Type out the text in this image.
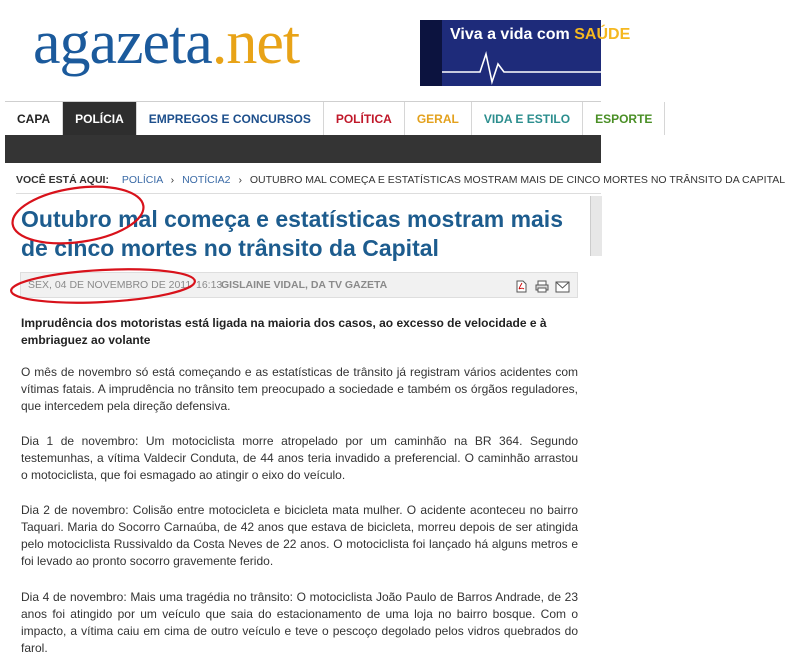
agazeta.net	Viva a vida com SAÚDE
CAPA	POLÍCIA	EMPREGOS E CONCURSOS	POLÍTICA	GERAL	VIDA E ESTILO	ESPORTE
VOCÊ ESTÁ AQUI: POLÍCIA › NOTÍCIA2 › OUTUBRO MAL COMEÇA E ESTATÍSTICAS MOSTRAM MAIS DE CINCO MORTES NO TRÂNSITO DA CAPITAL
Outubro mal começa e estatísticas mostram mais de cinco mortes no trânsito da Capital
SEX, 04 DE NOVEMBRO DE 2011 16:13
GISLAINE VIDAL, DA TV GAZETA
Imprudência dos motoristas está ligada na maioria dos casos, ao excesso de velocidade e à embriaguez ao volante
O mês de novembro só está começando e as estatísticas de trânsito já registram vários acidentes com vítimas fatais. A imprudência no trânsito tem preocupado a sociedade e também os órgãos reguladores, que intercedem pela direção defensiva.
Dia 1 de novembro: Um motociclista morre atropelado por um caminhão na BR 364. Segundo testemunhas, a vítima Valdecir Conduta, de 44 anos teria invadido a preferencial. O caminhão arrastou o motociclista, que foi esmagado ao atingir o eixo do veículo.
Dia 2 de novembro: Colisão entre motocicleta e bicicleta mata mulher. O acidente aconteceu no bairro Taquari. Maria do Socorro Carnaúba, de 42 anos que estava de bicicleta, morreu depois de ser atingida pelo motociclista Russivaldo da Costa Neves de 22 anos. O motociclista foi lançado há alguns metros e foi levado ao pronto socorro gravemente ferido.
Dia 4 de novembro: Mais uma tragédia no trânsito: O motociclista João Paulo de Barros Andrade, de 23 anos foi atingido por um veículo que saia do estacionamento de uma loja no bairro bosque. Com o impacto, a vítima caiu em cima de outro veículo e teve o pescoço degolado pelos vidros quebrados do farol.
